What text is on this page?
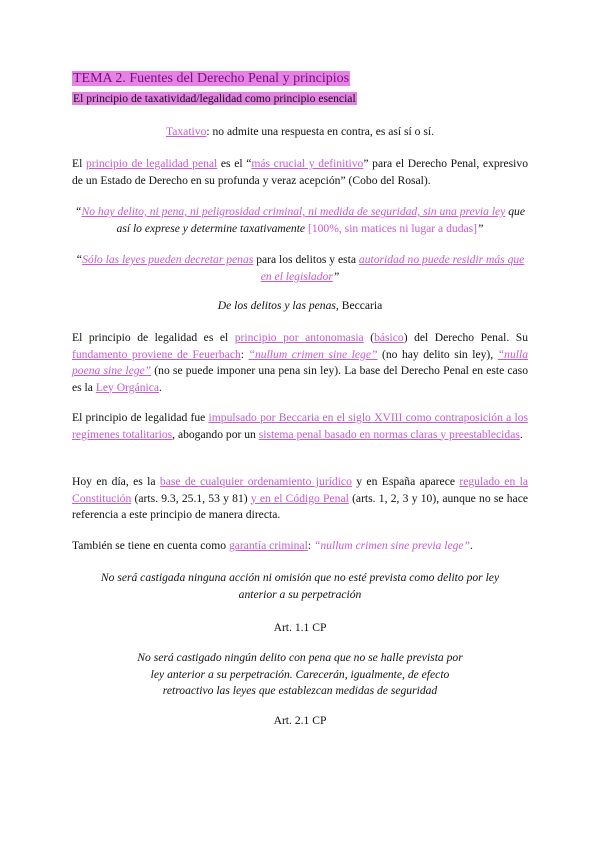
TEMA 2. Fuentes del Derecho Penal y principios
El principio de taxatividad/legalidad como principio esencial

Taxativo: no admite una respuesta en contra, es así sí o sí.

El principio de legalidad penal es el “más crucial y definitivo” para el Derecho Penal, expresivo de un Estado de Derecho en su profunda y veraz acepción” (Cobo del Rosal).

“No hay delito, ni pena, ni peligrosidad criminal, ni medida de seguridad, sin una previa ley que así lo exprese y determine taxativamente [100%, sin matices ni lugar a dudas]”

“Sólo las leyes pueden decretar penas para los delitos y esta autoridad no puede residir más que en el legislador”

De los delitos y las penas, Beccaria

El principio de legalidad es el principio por antonomasia (básico) del Derecho Penal. Su fundamento proviene de Feuerbach: “nullum crimen sine lege” (no hay delito sin ley), “nulla poena sine lege” (no se puede imponer una pena sin ley). La base del Derecho Penal en este caso es la Ley Orgánica.

El principio de legalidad fue impulsado por Beccaria en el siglo XVIII como contraposición a los regímenes totalitarios, abogando por un sistema penal basado en normas claras y preestablecidas.

Hoy en día, es la base de cualquier ordenamiento jurídico y en España aparece regulado en la Constitución (arts. 9.3, 25.1, 53 y 81) y en el Código Penal (arts. 1, 2, 3 y 10), aunque no se hace referencia a este principio de manera directa.

También se tiene en cuenta como garantía criminal: “nullum crimen sine previa lege”.

No será castigada ninguna acción ni omisión que no esté prevista como delito por ley
anterior a su perpetración

Art. 1.1 CP

No será castigado ningún delito con pena que no se halle prevista por
ley anterior a su perpetración. Carecerán, igualmente, de efecto
retroactivo las leyes que establezcan medidas de seguridad

Art. 2.1 CP
